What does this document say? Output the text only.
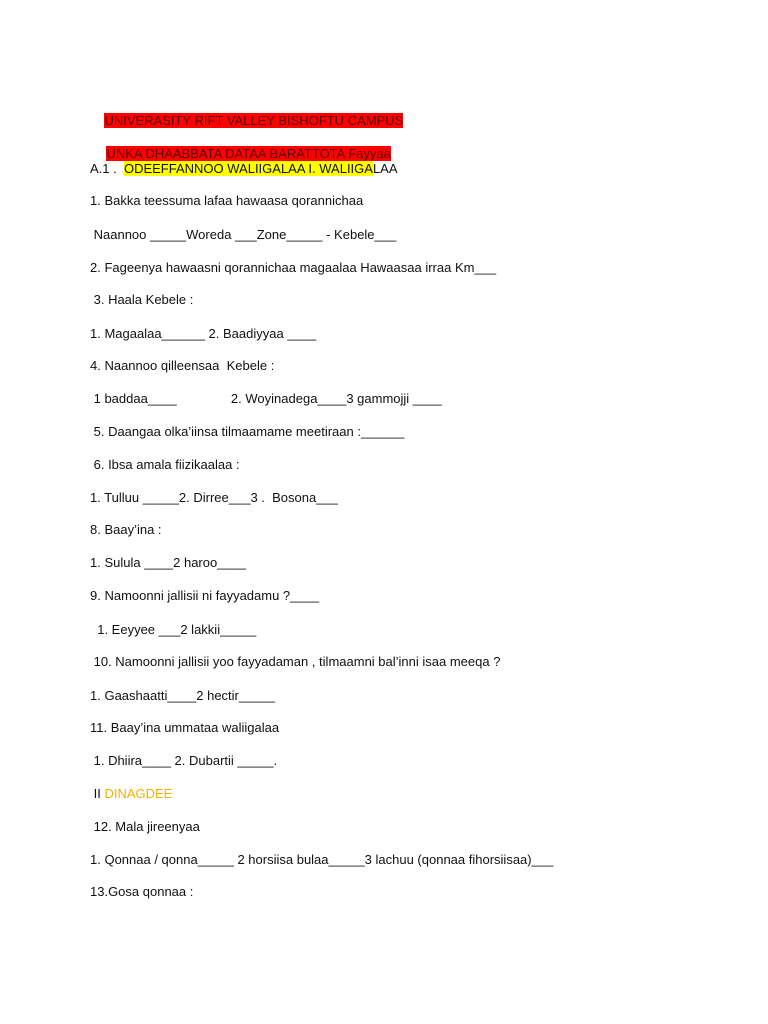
UNIVERASITY RIFT VALLEY BISHOFTU CAMPUS

UNKA DHAABBATA DATAA BARATTOTA Fayyaa

A.1 .  ODEEFFANNOO WALIIGALAA I. WALIIGALAA
1. Bakka teessuma lafaa hawaasa qorannichaa
Naannoo _____Woreda ___Zone_____ - Kebele___
2. Fageenya hawaasni qorannichaa magaalaa Hawaasaa irraa Km___
3. Haala Kebele :
1. Magaalaa______ 2. Baadiyyaa ____
4. Naannoo qilleensaa  Kebele :
1 baddaa____               2. Woyinadega____3 gammojji ____
5. Daangaa olka’iinsa tilmaamame meetiraan :______
6. Ibsa amala fiizikaalaa :
1. Tulluu _____2. Dirree___3 .  Bosona___
8. Baay’ina :
1. Sulula ____2 haroo____
9. Namoonni jallisii ni fayyadamu ?____
1. Eeyyee ___2 lakkii_____
10. Namoonni jallisii yoo fayyadaman , tilmaamni bal’inni isaa meeqa ?
1. Gaashaatti____2 hectir_____
11. Baay’ina ummataa waliigalaa
1. Dhiira____ 2. Dubartii _____.
II DINAGDEE
12. Mala jireenyaa
1. Qonnaa / qonna_____ 2 horsiisa bulaa_____3 lachuu (qonnaa fihorsiisaa)___
13.Gosa qonnaa :
